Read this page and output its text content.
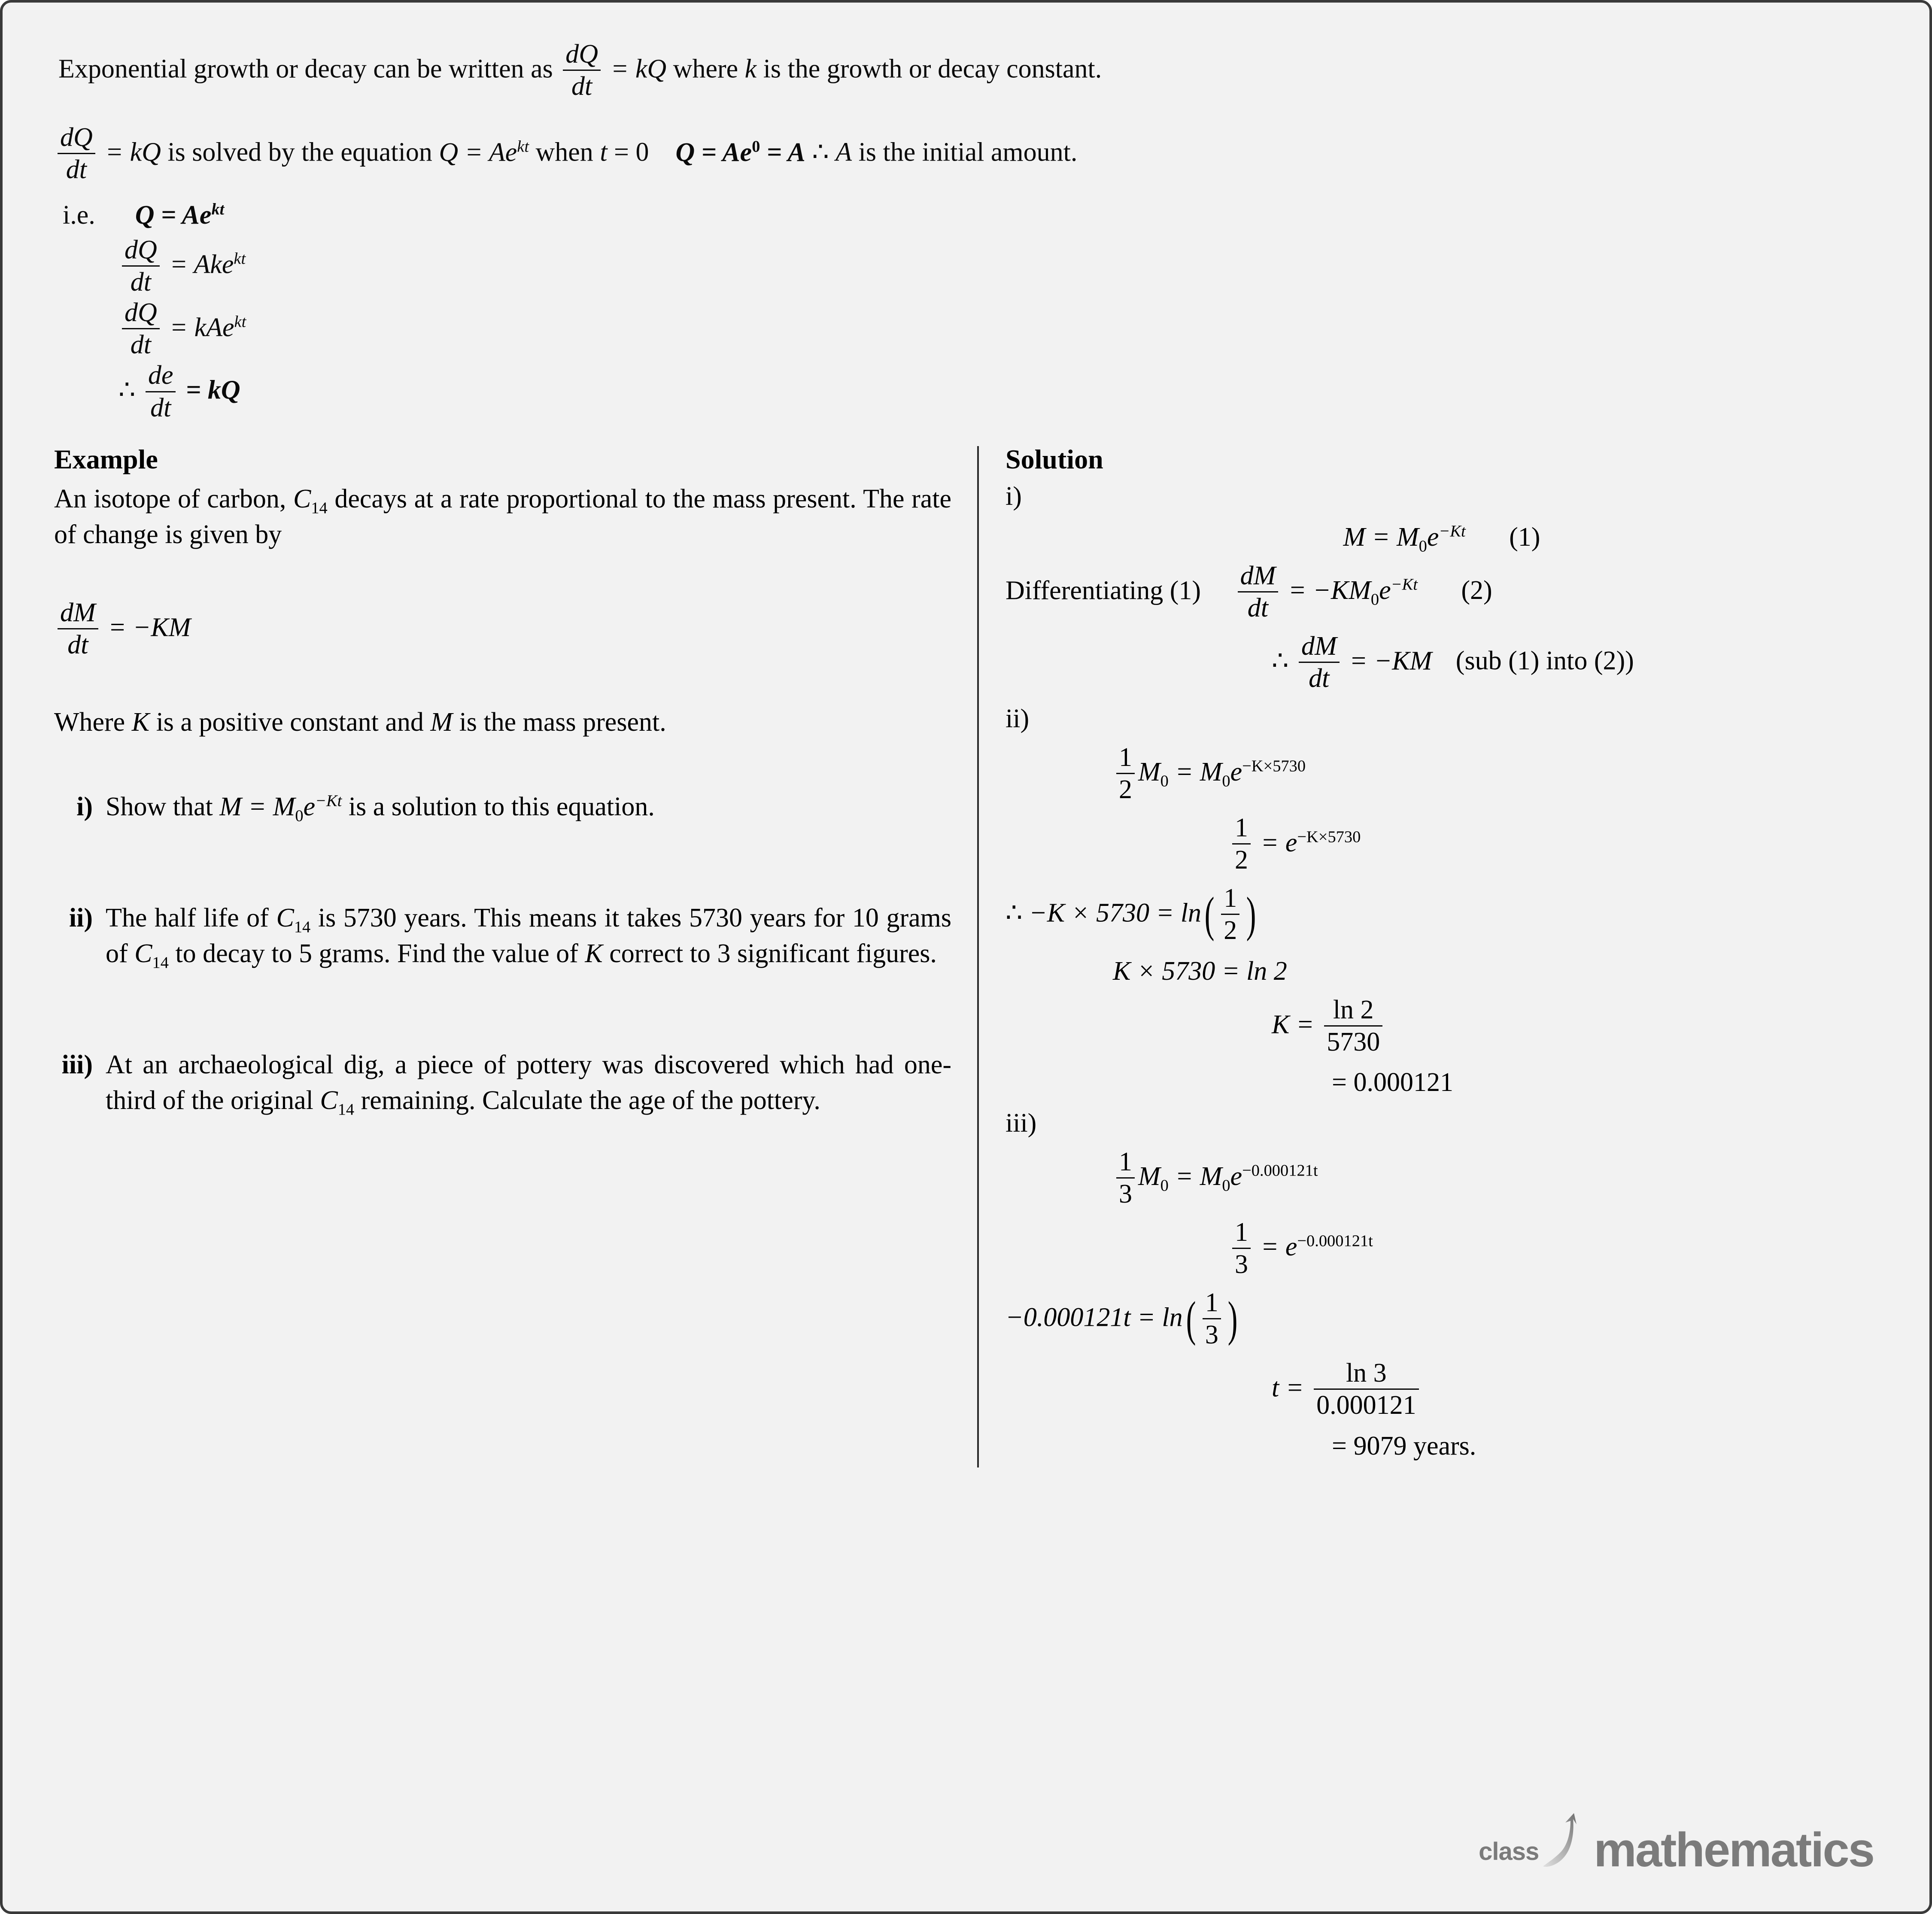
Exponential growth or decay can be written as $\frac{dQ}{dt}$ = kQ where k is the growth or decay constant.
$\frac{dQ}{dt}$ = kQ is solved by the equation $Q = Ae^{kt}$ when t = 0 $Q = Ae^0 = A$ ∴ A is the initial amount.
i.e. $Q = Ae^{kt}$
$\frac{dQ}{dt} = Ake^{kt}$
$\frac{dQ}{dt} = kAe^{kt}$
∴ $\frac{de}{dt}$ = kQ
Example
An isotope of carbon, $C_{14}$ decays at a rate proportional to the mass present. The rate of change is given by
$\frac{dM}{dt} = -KM$
Where K is a positive constant and M is the mass present.
i) Show that $M = M_0e^{-Kt}$ is a solution to this equation.
ii) The half life of $C_{14}$ is 5730 years. This means it takes 5730 years for 10 grams of $C_{14}$ to decay to 5 grams. Find the value of K correct to 3 significant figures.
iii) At an archaeological dig, a piece of pottery was discovered which had one-third of the original $C_{14}$ remaining. Calculate the age of the pottery.
Solution
i)
$M = M_0e^{-Kt}$ (1)
Differentiating $(1) \frac{dM}{dt} = -KM_0e^{-Kt}$ (2)
∴ $\frac{dM}{dt} = -KM$ (sub (1) into (2))
ii)
$\frac{1}{2} M_0 = M_0e^{-K\times 5730}$
$\frac{1}{2} = e^{-K\times 5730}$
∴ $-K \times 5730 = \ln( \frac{1}{2}$ )
K × 5730 = ln 2
$K = \frac{\ln 2}{5730}$
= 0.000121
iii)
$\frac{1}{3} M_0 = M_0e^{-0.000121t}$
$\frac{1}{3} = e^{-0.000121t}$
$-0.000121t = \ln( \frac{1}{3}$ )
$t = \frac{\ln 3}{0.000121}$
= 9079 years.
class mathematics
